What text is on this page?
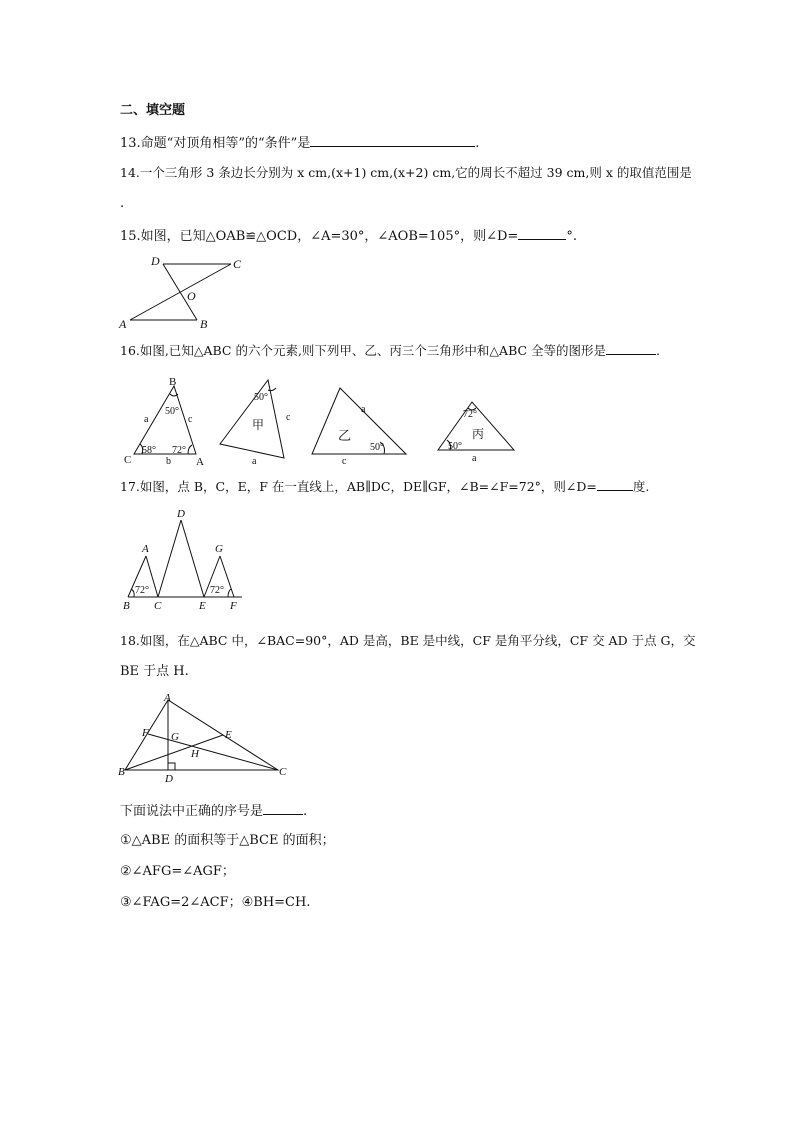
二、填空题
13.命题“对顶角相等”的“条件”是	.
14.一个三角形 3 条边长分别为 x cm,(x+1) cm,(x+2) cm,它的周长不超过 39 cm,则 x 的取值范围是
.
15.如图，已知△OAB≌△OCD，∠A=30°，∠AOB=105°，则∠D=	°.
D	C
O
A	B
16.如图,已知△ABC 的六个元素,则下列甲、乙、丙三个三角形中和△ABC 全等的图形是	.
B
C	A
a	c
b
50°
58° 72°
50°
甲
c
a
a
乙
50°
c
72°
丙
50°
a
17.如图，点 B，C，E，F 在一直线上，AB∥DC，DE∥GF，∠B=∠F=72°，则∠D=	度.
A
D
G
B C	E F
72°	72°
18.如图，在△ABC 中，∠BAC=90°，AD 是高，BE 是中线，CF 是角平分线，CF 交 AD 于点 G，交
BE 于点 H.
A
F G	E
H
B
D
C
下面说法中正确的序号是	.
①△ABE 的面积等于△BCE 的面积；
②∠AFG=∠AGF；
③∠FAG=2∠ACF；④BH=CH.
